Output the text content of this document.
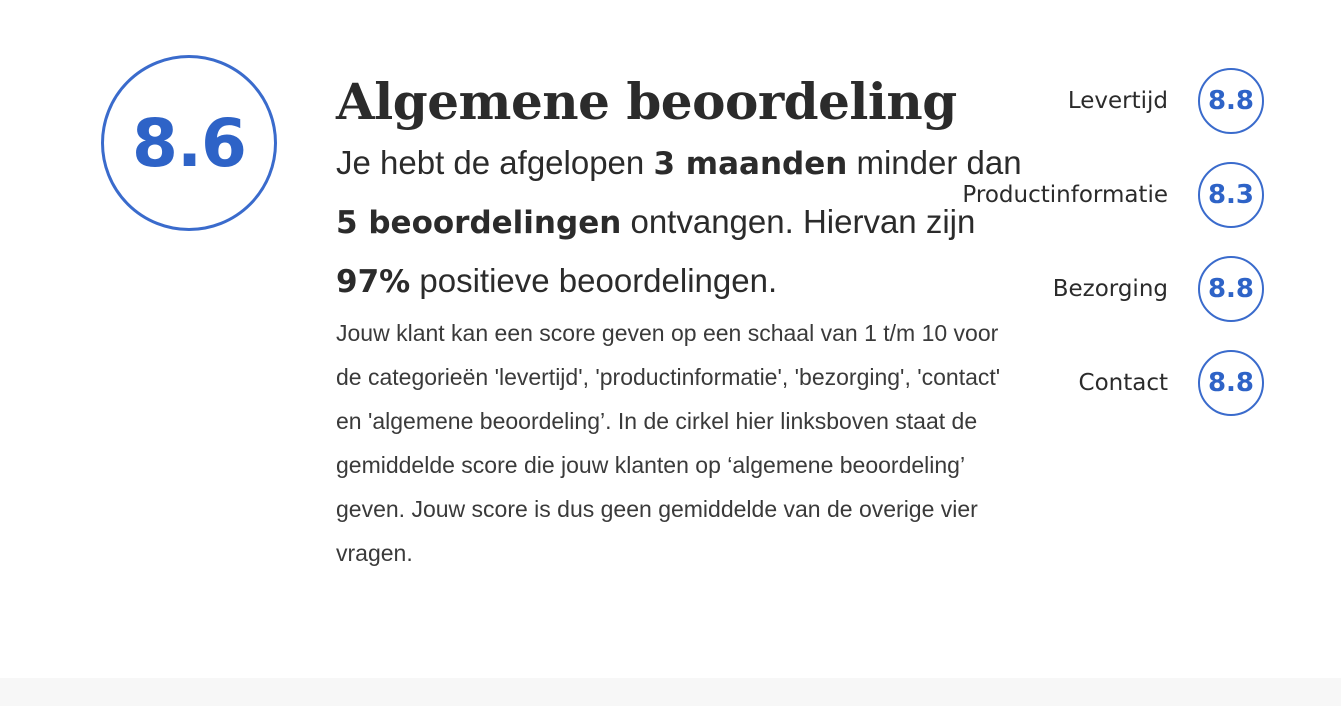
8.6
Algemene beoordeling

Je hebt de afgelopen 3 maanden minder dan 5 beoordelingen ontvangen. Hiervan zijn 97% positieve beoordelingen.

Jouw klant kan een score geven op een schaal van 1 t/m 10 voor de categorieën 'levertijd', 'productinformatie', 'bezorging', 'contact' en 'algemene beoordeling’. In de cirkel hier linksboven staat de gemiddelde score die jouw klanten op ‘algemene beoordeling’ geven. Jouw score is dus geen gemiddelde van de overige vier vragen.

Levertijd	8.8
Productinformatie	8.3
Bezorging	8.8
Contact	8.8
